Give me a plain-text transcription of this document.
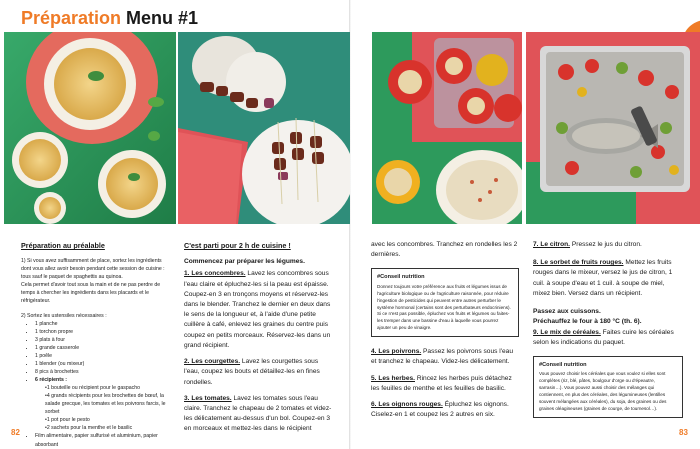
Préparation Menu #1
Préparation au préalable
1) Si vous avez suffisamment de place, sortez les ingrédients dont vous allez avoir besoin pendant cette session de cuisine : tous sauf le paquet de spaghettis au quinoa.
Cela permet d'avoir tout sous la main et de ne pas perdre de temps à chercher les ingrédients dans les placards et le réfrigérateur.
2) Sortez les ustensiles nécessaires :
• 1 planche
• 1 torchon propre
• 3 plats à four
• 1 grande casserole
• 1 poêle
• 1 blender (ou mixeur)
• 8 pics à brochettes
• 6 récipients :
• 1 bouteille ou récipient pour le gaspacho
• 4 grands récipients pour les brochettes de bœuf, la salade grecque, les tomates et les poivrons farcis, le sorbet
• 1 pot pour le pesto
• 2 sachets pour la menthe et le basilic
• Film alimentaire, papier sulfurisé et aluminium, papier absorbant
C'est parti pour 2 h de cuisine !
Commencez par préparer les légumes.
1. Les concombres. Lavez les concombres sous l'eau claire et épluchez-les si la peau est épaisse. Coupez-en 3 en tronçons moyens et réservez-les dans le blender. Tranchez le dernier en deux dans le sens de la longueur et, à l'aide d'une petite cuillère à café, enlevez les graines du centre puis coupez en petits morceaux. Réservez-les dans un grand récipient.
2. Les courgettes. Lavez les courgettes sous l'eau, coupez les bouts et détaillez-les en fines rondelles.
3. Les tomates. Lavez les tomates sous l'eau claire. Tranchez le chapeau de 2 tomates et videz-les délicatement au-dessus d'un bol. Coupez-en 3 en morceaux et mettez-les dans le récipient
82
avec les concombres. Tranchez en rondelles les 2 dernières.
#Conseil nutrition
Donnez toujours votre préférence aux fruits et légumes issus de l'agriculture biologique ou de l'agriculture raisonnée, pour réduire l'ingestion de pesticides qui peuvent entre autres perturber le système hormonal (certains sont des perturbateurs endocriniens). Si ce n'est pas possible, épluchez vos fruits et légumes ou faites-les tremper dans une bassine d'eau à laquelle vous pourrez ajouter un peu de vinaigre.
4. Les poivrons. Passez les poivrons sous l'eau et tranchez le chapeau. Videz-les délicatement.
5. Les herbes. Rincez les herbes puis détachez les feuilles de menthe et les feuilles de basilic.
6. Les oignons rouges. Épluchez les oignons. Ciselez-en 1 et coupez les 2 autres en six.
7. Le citron. Pressez le jus du citron.
8. Le sorbet de fruits rouges. Mettez les fruits rouges dans le mixeur, versez le jus de citron, 1 cuil. à soupe d'eau et 1 cuil. à soupe de miel, mixez bien. Versez dans un récipient.
Passez aux cuissons.
Préchauffez le four à 180 °C (th. 6).
9. Le mix de céréales. Faites cuire les céréales selon les indications du paquet.
#Conseil nutrition
Vous pouvez choisir les céréales que vous voulez si elles sont complètes (riz, blé, pâtes, boulgour d'orge ou d'épeautre, sarrasin…). Vous pouvez aussi choisir des mélanges qui contiennent, en plus des céréales, des légumineuses (lentilles souvent mélangées aux céréales), du soja, des graines ou des graines oléagineuses (graines de courge, de tournesol…).
83
